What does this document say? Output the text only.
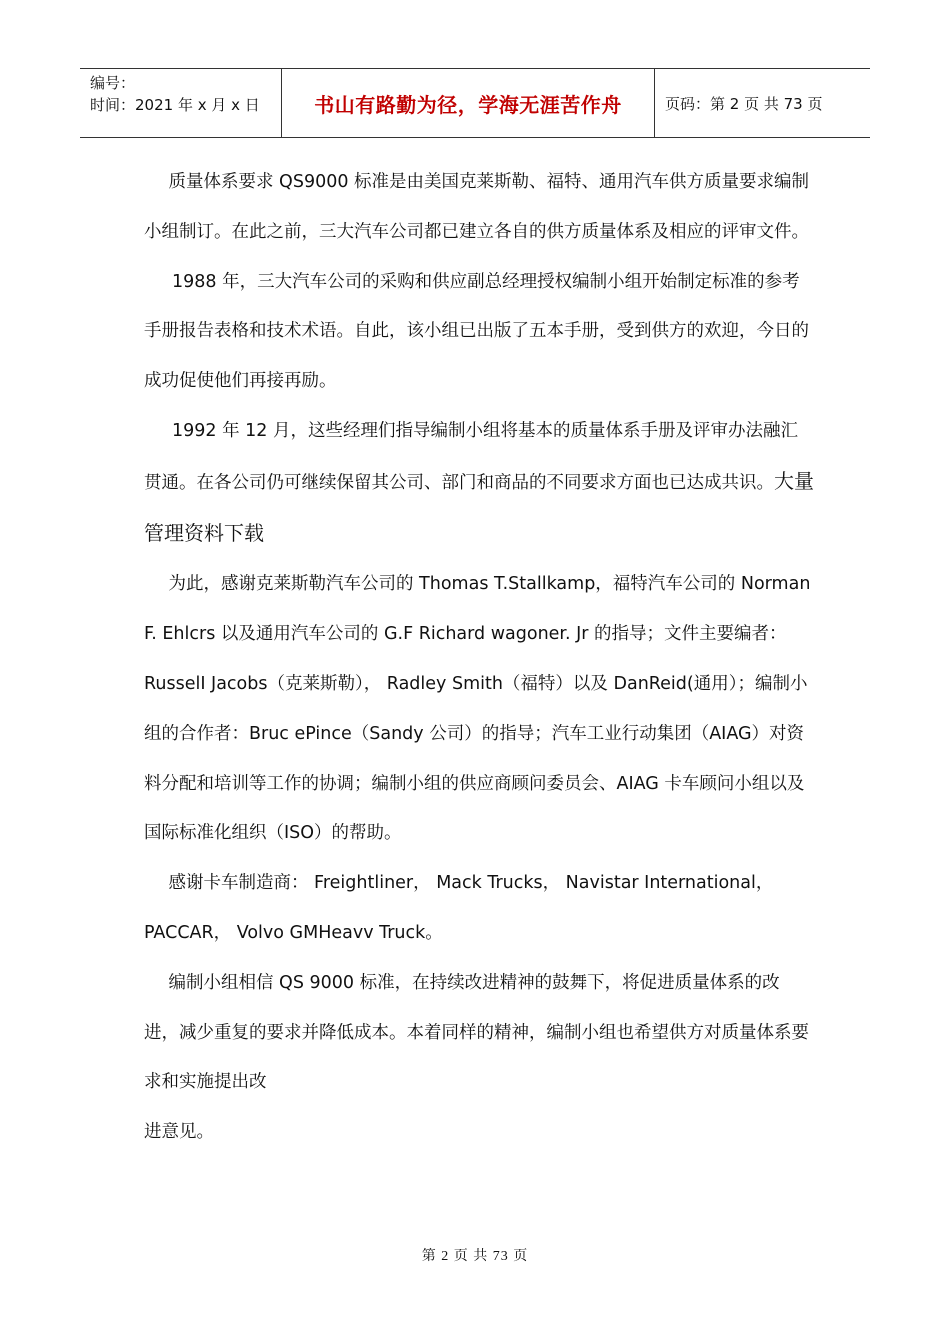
编号：
时间：2021 年 x 月 x 日	书山有路勤为径，学海无涯苦作舟	页码：第 2 页 共 73 页

质量体系要求 QS9000 标准是由美国克莱斯勒、福特、通用汽车供方质量要求编制小组制订。在此之前，三大汽车公司都已建立各自的供方质量体系及相应的评审文件。

1988 年，三大汽车公司的采购和供应副总经理授权编制小组开始制定标准的参考手册报告表格和技术术语。自此，该小组已出版了五本手册，受到供方的欢迎，今日的成功促使他们再接再励。

1992 年 12 月，这些经理们指导编制小组将基本的质量体系手册及评审办法融汇贯通。在各公司仍可继续保留其公司、部门和商品的不同要求方面也已达成共识。大量管理资料下载

为此，感谢克莱斯勒汽车公司的 Thomas T.Stallkamp，福特汽车公司的 Norman F. Ehlcrs 以及通用汽车公司的 G.F Richard wagoner. Jr 的指导；文件主要编者： RusselI Jacobs（克莱斯勒）， Radley Smith（福特）以及 DanReid(通用）；编制小组的合作者：Bruc ePince（Sandy 公司）的指导；汽车工业行动集团（AIAG）对资料分配和培训等工作的协调；编制小组的供应商顾问委员会、AIAG 卡车顾问小组以及国际标准化组织（ISO）的帮助。

感谢卡车制造商： Freightliner， Mack Trucks， Navistar International， PACCAR， Volvo GMHeavv Truck。

编制小组相信 QS 9000 标准，在持续改进精神的鼓舞下，将促进质量体系的改进，减少重复的要求并降低成本。本着同样的精神，编制小组也希望供方对质量体系要求和实施提出改

进意见。

第 2 页 共 73 页
